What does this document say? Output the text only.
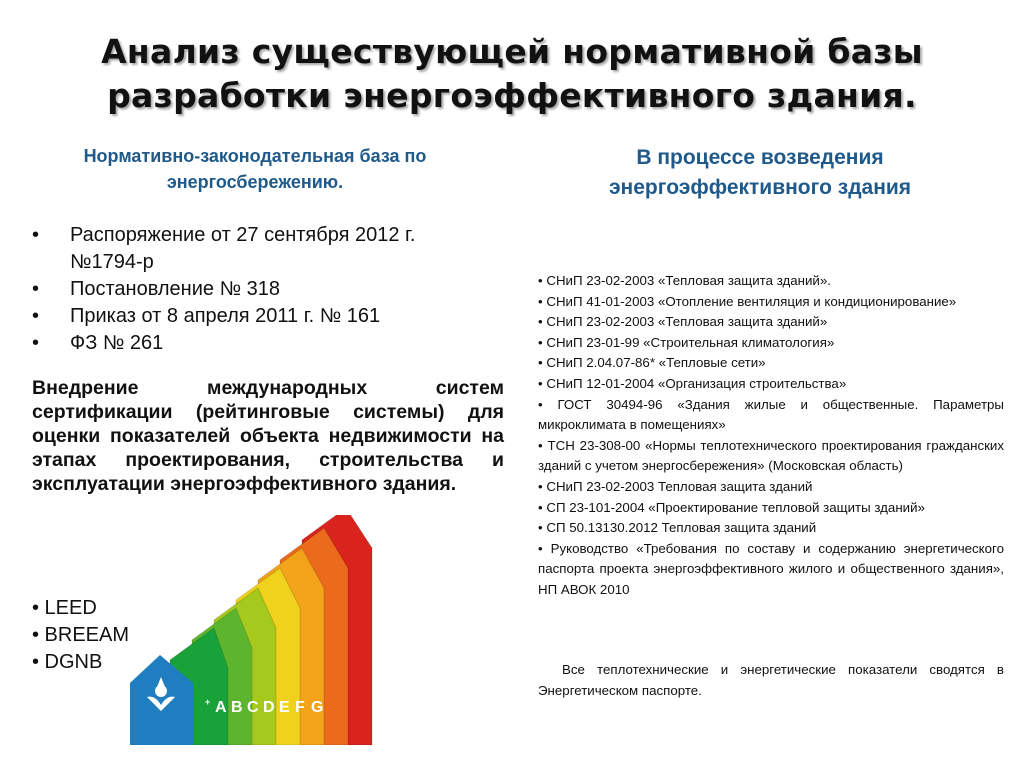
Анализ существующей нормативной базы
разработки энергоэффективного здания.
Нормативно-законодательная база по энергосбережению.
• Распоряжение от 27 сентября 2012 г. №1794-р
• Постановление № 318
• Приказ от 8 апреля 2011 г. № 161
• ФЗ № 261
A B C D E F G
+
Внедрение международных систем сертификации (рейтинговые системы) для оценки показателей объекта недвижимости на этапах проектирования, строительства и эксплуатации энергоэффективного здания.
• LEED
• BREEAM
• DGNB
В процессе возведения энергоэффективного здания
• СНиП 23-02-2003 «Тепловая защита зданий».
• СНиП 41-01-2003 «Отопление вентиляция и кондиционирование»
• СНиП 23-02-2003 «Тепловая защита зданий»
• СНиП 23-01-99 «Строительная климатология»
• СНиП 2.04.07-86* «Тепловые сети»
• СНиП 12-01-2004 «Организация строительства»
• ГОСТ 30494-96 «Здания жилые и общественные. Параметры микроклимата в помещениях»
• ТСН 23-308-00 «Нормы теплотехнического проектирования гражданских зданий с учетом энергосбережения» (Московская область)
• СНиП 23-02-2003 Тепловая защита зданий
• СП 23-101-2004 «Проектирование тепловой защиты зданий»
• СП 50.13130.2012 Тепловая защита зданий
• Руководство «Требования по составу и содержанию энергетического паспорта проекта энергоэффективного жилого и общественного здания», НП АВОК 2010
Все теплотехнические и энергетические показатели сводятся в Энергетическом паспорте.
